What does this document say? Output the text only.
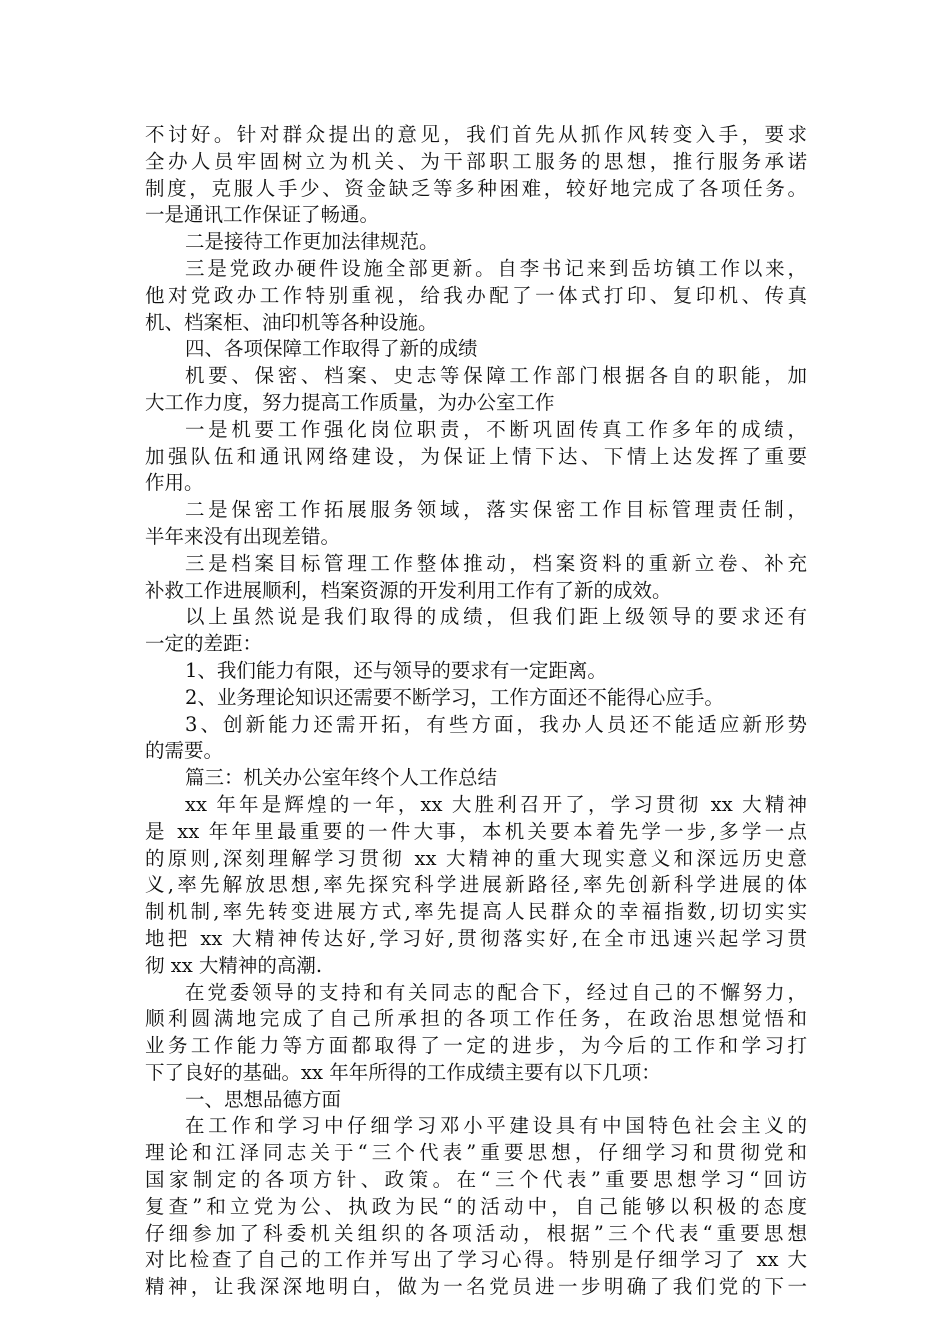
不讨好。针对群众提出的意见，我们首先从抓作风转变入手，要求
全办人员牢固树立为机关、为干部职工服务的思想，推行服务承诺
制度，克服人手少、资金缺乏等多种困难，较好地完成了各项任务。
一是通讯工作保证了畅通。
二是接待工作更加法律规范。
三是党政办硬件设施全部更新。自李书记来到岳坊镇工作以来，
他对党政办工作特别重视，给我办配了一体式打印、复印机、传真
机、档案柜、油印机等各种设施。
四、各项保障工作取得了新的成绩
机要、保密、档案、史志等保障工作部门根据各自的职能，加
大工作力度，努力提高工作质量，为办公室工作
一是机要工作强化岗位职责，不断巩固传真工作多年的成绩，
加强队伍和通讯网络建设，为保证上情下达、下情上达发挥了重要
作用。
二是保密工作拓展服务领域，落实保密工作目标管理责任制，
半年来没有出现差错。
三是档案目标管理工作整体推动，档案资料的重新立卷、补充
补救工作进展顺利，档案资源的开发利用工作有了新的成效。
以上虽然说是我们取得的成绩，但我们距上级领导的要求还有
一定的差距：
1、我们能力有限，还与领导的要求有一定距离。
2、业务理论知识还需要不断学习，工作方面还不能得心应手。
3、创新能力还需开拓，有些方面，我办人员还不能适应新形势
的需要。
篇三：机关办公室年终个人工作总结
xx 年年是辉煌的一年，xx 大胜利召开了，学习贯彻 xx 大精神
是 xx 年年里最重要的一件大事，本机关要本着先学一步,多学一点
的原则,深刻理解学习贯彻 xx 大精神的重大现实意义和深远历史意
义,率先解放思想,率先探究科学进展新路径,率先创新科学进展的体
制机制,率先转变进展方式,率先提高人民群众的幸福指数,切切实实
地把 xx 大精神传达好,学习好,贯彻落实好,在全市迅速兴起学习贯
彻 xx 大精神的高潮.
在党委领导的支持和有关同志的配合下，经过自己的不懈努力，
顺利圆满地完成了自己所承担的各项工作任务，在政治思想觉悟和
业务工作能力等方面都取得了一定的进步，为今后的工作和学习打
下了良好的基础。xx 年年所得的工作成绩主要有以下几项：
一、思想品德方面
在工作和学习中仔细学习邓小平建设具有中国特色社会主义的
理论和江泽同志关于“三个代表”重要思想，仔细学习和贯彻党和
国家制定的各项方针、政策。在“三个代表”重要思想学习“回访
复查”和立党为公、执政为民“的活动中，自己能够以积极的态度
仔细参加了科委机关组织的各项活动，根据”三个代表“重要思想
对比检查了自己的工作并写出了学习心得。特别是仔细学习了 xx 大
精神，让我深深地明白，做为一名党员进一步明确了我们党的下一
